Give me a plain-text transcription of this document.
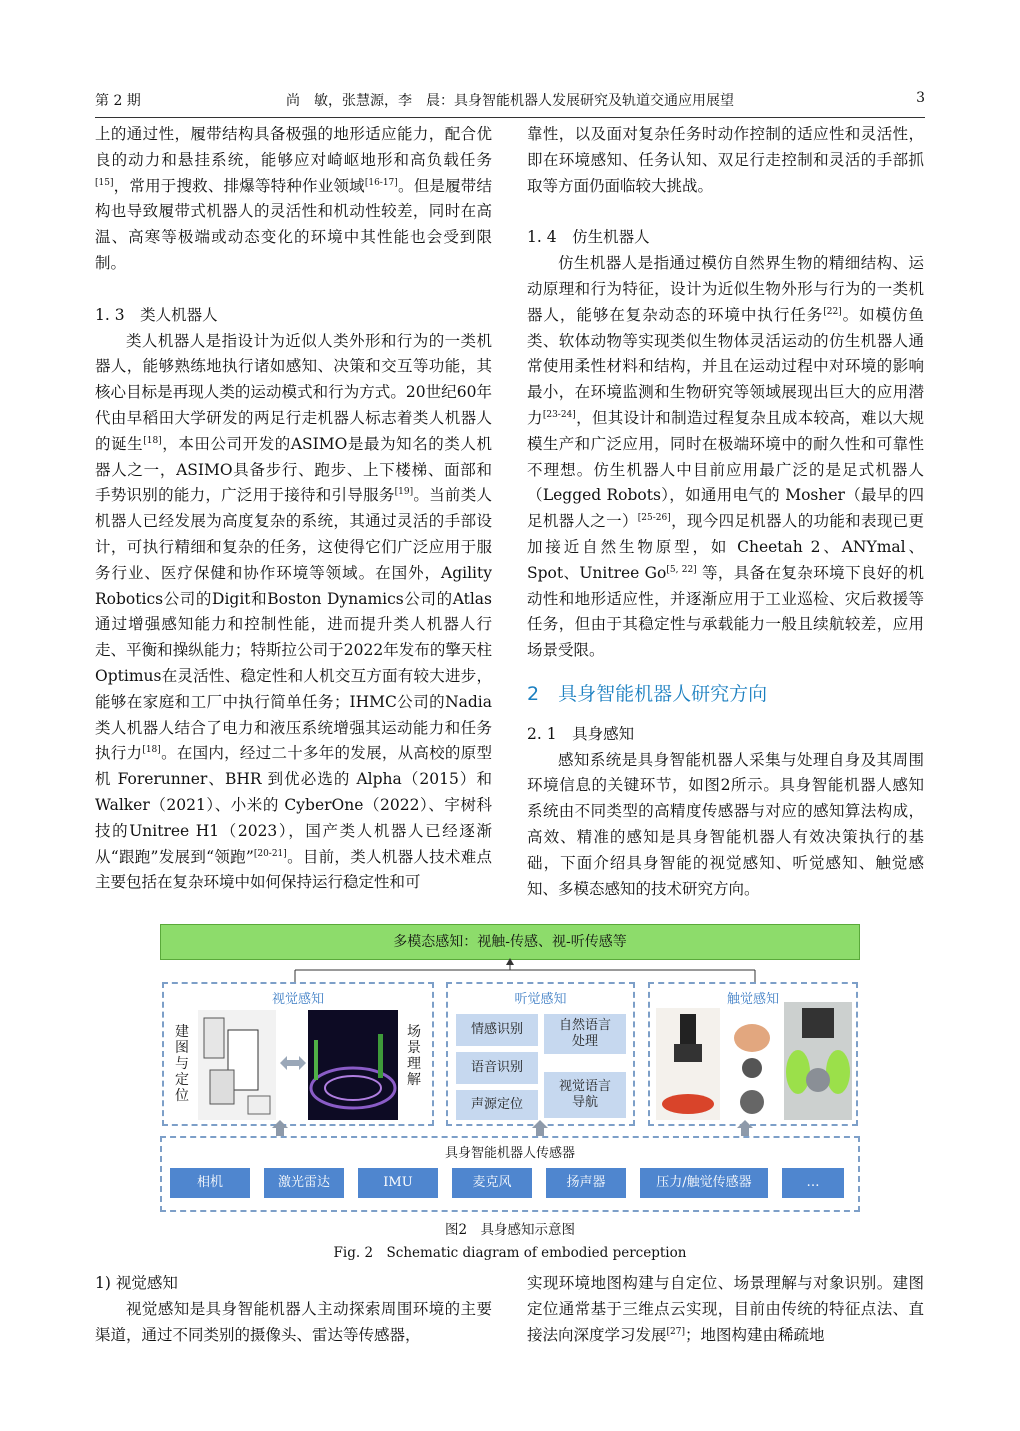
第 2 期	尚　敏，张慧源，李　晨：具身智能机器人发展研究及轨道交通应用展望	3

上的通过性，履带结构具备极强的地形适应能力，配合优良的动力和悬挂系统，能够应对崎岖地形和高负载任务[15]，常用于搜救、排爆等特种作业领域[16-17]。但是履带结构也导致履带式机器人的灵活性和机动性较差，同时在高温、高寒等极端或动态变化的环境中其性能也会受到限制。

1. 3　类人机器人

类人机器人是指设计为近似人类外形和行为的一类机器人，能够熟练地执行诸如感知、决策和交互等功能，其核心目标是再现人类的运动模式和行为方式。20世纪60年代由早稻田大学研发的两足行走机器人标志着类人机器人的诞生[18]，本田公司开发的ASIMO是最为知名的类人机器人之一，ASIMO具备步行、跑步、上下楼梯、面部和手势识别的能力，广泛用于接待和引导服务[19]。当前类人机器人已经发展为高度复杂的系统，其通过灵活的手部设计，可执行精细和复杂的任务，这使得它们广泛应用于服务行业、医疗保健和协作环境等领域。在国外，Agility Robotics公司的Digit和Boston Dynamics公司的Atlas通过增强感知能力和控制性能，进而提升类人机器人行走、平衡和操纵能力；特斯拉公司于2022年发布的擎天柱 Optimus在灵活性、稳定性和人机交互方面有较大进步，能够在家庭和工厂中执行简单任务；IHMC公司的Nadia类人机器人结合了电力和液压系统增强其运动能力和任务执行力[18]。在国内，经过二十多年的发展，从高校的原型机 Forerunner、BHR 到优必选的 Alpha（2015）和 Walker（2021）、小米的 CyberOne（2022）、宇树科技的Unitree H1（2023），国产类人机器人已经逐渐从“跟跑”发展到“领跑”[20-21]。目前，类人机器人技术难点主要包括在复杂环境中如何保持运行稳定性和可

靠性，以及面对复杂任务时动作控制的适应性和灵活性，即在环境感知、任务认知、双足行走控制和灵活的手部抓取等方面仍面临较大挑战。

1. 4　仿生机器人

仿生机器人是指通过模仿自然界生物的精细结构、运动原理和行为特征，设计为近似生物外形与行为的一类机器人，能够在复杂动态的环境中执行任务[22]。如模仿鱼类、软体动物等实现类似生物体灵活运动的仿生机器人通常使用柔性材料和结构，并且在运动过程中对环境的影响最小，在环境监测和生物研究等领域展现出巨大的应用潜力[23-24]，但其设计和制造过程复杂且成本较高，难以大规模生产和广泛应用，同时在极端环境中的耐久性和可靠性不理想。仿生机器人中目前应用最广泛的是足式机器人（Legged Robots），如通用电气的 Mosher（最早的四足机器人之一）[25-26]，现今四足机器人的功能和表现已更加接近自然生物原型，如 Cheetah 2、ANYmal、Spot、Unitree Go[5, 22] 等，具备在复杂环境下良好的机动性和地形适应性，并逐渐应用于工业巡检、灾后救援等任务，但由于其稳定性与承载能力一般且续航较差，应用场景受限。

2　具身智能机器人研究方向
2. 1　具身感知

感知系统是具身智能机器人采集与处理自身及其周围环境信息的关键环节，如图2所示。具身智能机器人感知系统由不同类型的高精度传感器与对应的感知算法构成，高效、精准的感知是具身智能机器人有效决策执行的基础，下面介绍具身智能的视觉感知、听觉感知、触觉感知、多模态感知的技术研究方向。

多模态感知：视触-传感、视-听传感等
视觉感知
建图与定位
场景理解
听觉感知
情感识别
语音识别
声源定位
自然语言处理
视觉语言导航
触觉感知
具身智能机器人传感器
相机	激光雷达	IMU	麦克风	扬声器	压力/触觉传感器	…
图2　具身感知示意图
Fig. 2　Schematic diagram of embodied perception

1) 视觉感知

视觉感知是具身智能机器人主动探索周围环境的主要渠道，通过不同类别的摄像头、雷达等传感器，

实现环境地图构建与自定位、场景理解与对象识别。建图定位通常基于三维点云实现，目前由传统的特征点法、直接法向深度学习发展[27]；地图构建由稀疏地
